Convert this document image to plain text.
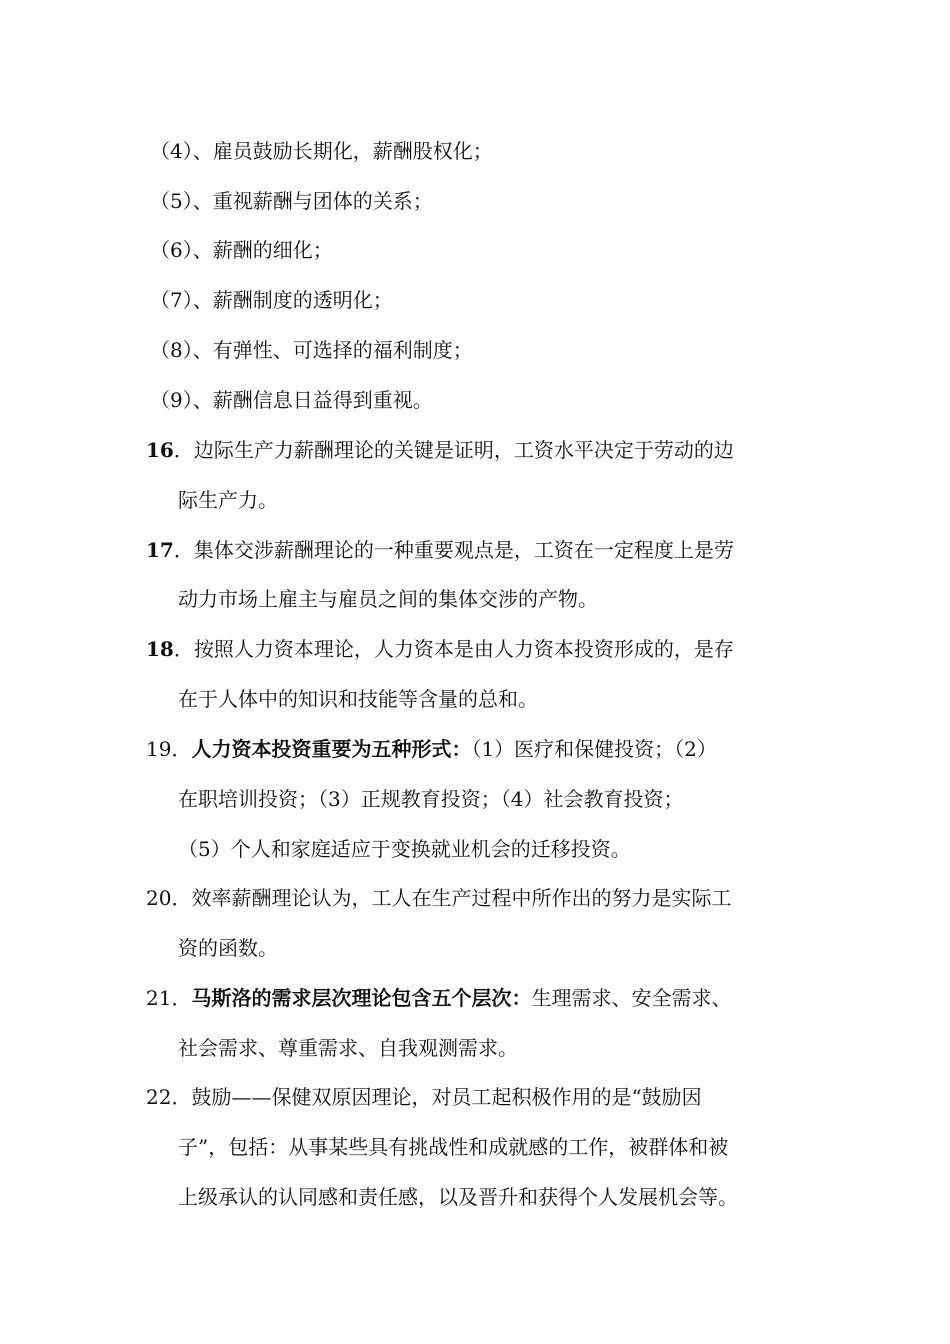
（4）、雇员鼓励长期化，薪酬股权化；
（5）、重视薪酬与团体的关系；
（6）、薪酬的细化；
（7）、薪酬制度的透明化；
（8）、有弹性、可选择的福利制度；
（9）、薪酬信息日益得到重视。
16．边际生产力薪酬理论的关键是证明，工资水平决定于劳动的边
际生产力。
17．集体交涉薪酬理论的一种重要观点是，工资在一定程度上是劳
动力市场上雇主与雇员之间的集体交涉的产物。
18．按照人力资本理论，人力资本是由人力资本投资形成的，是存
在于人体中的知识和技能等含量的总和。
19．人力资本投资重要为五种形式：（1）医疗和保健投资；（2）
在职培训投资；（3）正规教育投资；（4）社会教育投资；
（5）个人和家庭适应于变换就业机会的迁移投资。
20．效率薪酬理论认为，工人在生产过程中所作出的努力是实际工
资的函数。
21．马斯洛的需求层次理论包含五个层次：生理需求、安全需求、
社会需求、尊重需求、自我观测需求。
22．鼓励——保健双原因理论，对员工起积极作用的是“鼓励因
子”，包括：从事某些具有挑战性和成就感的工作，被群体和被
上级承认的认同感和责任感，以及晋升和获得个人发展机会等。
